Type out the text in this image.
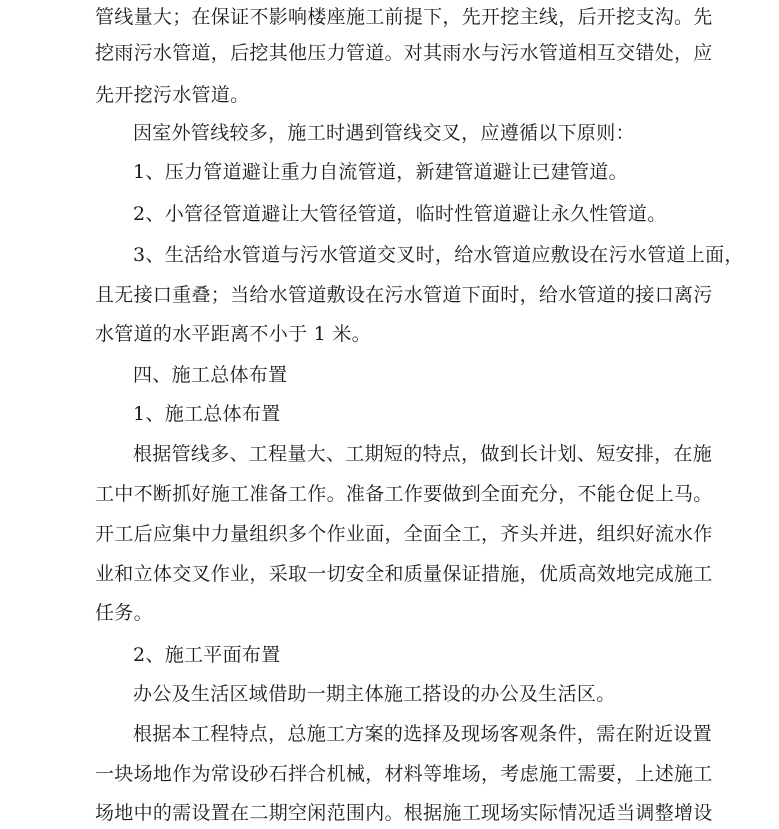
管线量大；在保证不影响楼座施工前提下，先开挖主线，后开挖支沟。先
挖雨污水管道，后挖其他压力管道。对其雨水与污水管道相互交错处，应
先开挖污水管道。
因室外管线较多，施工时遇到管线交叉，应遵循以下原则：
1、压力管道避让重力自流管道，新建管道避让已建管道。
2、小管径管道避让大管径管道，临时性管道避让永久性管道。
3、生活给水管道与污水管道交叉时，给水管道应敷设在污水管道上面，
且无接口重叠；当给水管道敷设在污水管道下面时，给水管道的接口离污
水管道的水平距离不小于 1 米。
四、施工总体布置
1、施工总体布置
根据管线多、工程量大、工期短的特点，做到长计划、短安排，在施
工中不断抓好施工准备工作。准备工作要做到全面充分，不能仓促上马。
开工后应集中力量组织多个作业面，全面全工，齐头并进，组织好流水作
业和立体交叉作业，采取一切安全和质量保证措施，优质高效地完成施工
任务。
2、施工平面布置
办公及生活区域借助一期主体施工搭设的办公及生活区。
根据本工程特点，总施工方案的选择及现场客观条件，需在附近设置
一块场地作为常设砂石拌合机械，材料等堆场，考虑施工需要，上述施工
场地中的需设置在二期空闲范围内。根据施工现场实际情况适当调整增设
